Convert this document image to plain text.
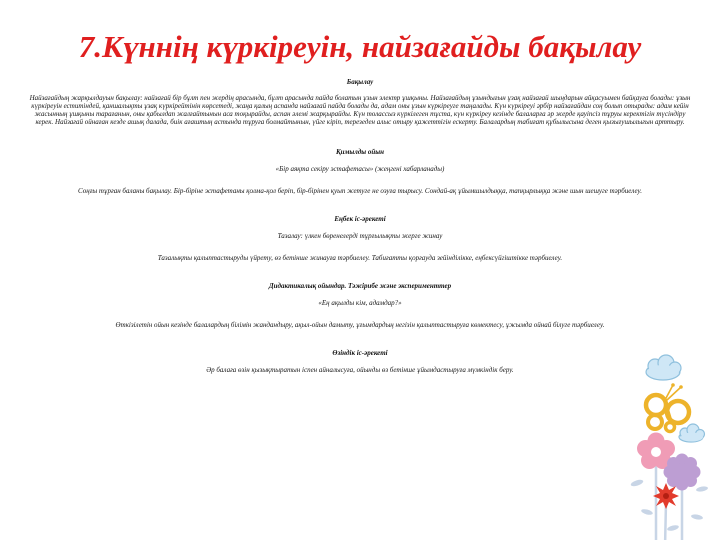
7.Күннің күркіреуін, найзағайды бақылау
Бақылау
Найзағайдың жарқылдауын бақылау: найзағай бір бұлт пен жердің арасында, бұлт арасында пайда болатын ұзын электр ұшқыны. Найзағайдың ұзындығын ұзақ найзағай шыңдарын айқасуымен байқауға болады: ұзын күркіреуін еститіндей, қаншалықты ұзақ күркірейтінін көрсетеді, жаңа қалың аспанда найзағай пайда болады да, адам оны ұзын күркіреуге таңалады. Күн күркіреуі әрбір найзағайдан соң болып отырады: адам кейін жасынның ұшқыны тарағанын, оны қабылдап жалғайтынын аса тоқырайды, аспан әлемі жарқырайды. Күн толассыз күркілеген тұста, күн күркіреу кезінде балаларға әр жерде қауіпсіз тұруы керектігін түсіндіру керек. Найзағай ойнаған кезде ашық далада, биік ағаштың астында тұруға болмайтынын, үйге кіріп, терезеден алыс отыру қажеттігін ескерту. Балалардың табиғат құбылысына деген қызығушылығын арттыру.
Қимылды ойын
«Бір аяқта секіру эстафетасы» (жеңгені хабарланады)
Соңғы тұрған баланы бақылау. Бір-біріне эстафетаны қолма-қол беріп, бір-бірінен қуып жетуге не озуға тырысу. Сондай-ақ ұйымшылдыққа, тапқырлыққа және шын шешуге тәрбиелеу.
Еңбек іс-әрекеті
Тазалау: үлкен бөренелерді тұрғылықты жерге жинау
Тазалықты қалыптастыруды үйрету, өз бетінше жинауға тәрбиелеу. Табиғатты қорғауда зейінділікке, еңбексүйгіштікке тәрбиелеу.
Дидактикалық ойындар. Тәжірибе және эксперименттер
«Ең ақылды кім, адамдар?»
Өткізілетін ойын кезінде балалардың білімін жандандыру, ақыл-ойын дамыту, ұғымдардың негізін қалыптастыруға көмектесу, ұжымда ойнай білуге тәрбиелеу.
Өзіндік іс-әрекеті
Әр балаға өзін қызықтыратын іспен айналысуға, ойынды өз бетінше ұйымдастыруға мүмкіндік беру.
